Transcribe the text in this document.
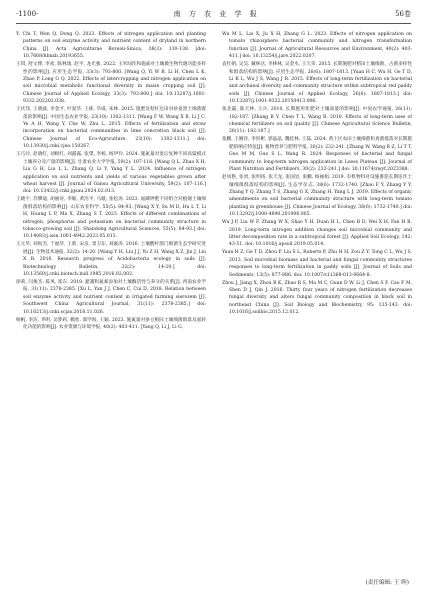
·1100·	南 方 农 业 学 报	56卷

Y, Chi T, Wen Q, Dong Q. 2023. Effects of nitrogen application and planting patterns on soil enzyme activity and nutrient content of dryland in northern China [J]. Acta Agriculturae Boreali-Sinica, 38(3): 130-138. [doi: 10.7668/hbnxb.20193655.

王琪, 舒文博, 李欢, 陈林康, 赵平, 龙光强. 2022. 玉米间作和施氮对土壤微生物代谢功能多样性的影响[J]. 应用生态学报, 33(3): 793-800. [Wang Q, Yi W B, Li H, Chen L K, Zhao P, Long G Q. 2022. Effects of intercropping and nitrogen application on soil microbial metabolic functional diversity in maize cropping soil [J]. Chinese Journal of Applied Ecology, 33(3): 793-800.] doi: 10.13287/j.1001-9332.202202.038.

王伏伟, 王晓波, 李金才, 叶爱华, 王栋, 毕威, 朱林. 2015. 施肥及秸秆还田对砂姜黑土细菌群落的影响[J]. 中国生态农业学报, 23(10): 1302-1311. [Wang F W, Wang X B, Li J C, Ye A H, Wang Y, Che W, Zhu L. 2015. Effects of fertilization and straw incorporation on bacterial communities in lime concretion black soil [J]. Chinese Journal of Eco-Agriculture, 23(10): 1302-1311.] doi: 10.13930/j.cnki.cjea.150267.

王巧玲, 赵晓红, 刘根红, 刘露露, 张璟, 李杨, 杨伊玲. 2024. 施氮量对麦后复种不同高粱模式土壤养分及产量的影响[J]. 甘肃农业大学学报, 59(2): 107-116. [Wang Q L, Zhao X H, Liu G H, Liu L L, Zhang Q, Li Y, Yang Y L. 2024. Influence of nitrogen application on soil nutrients and yields of various vegetables grown after wheat harvest [J]. Journal of Gansu Agricultural University, 59(2): 107-116.] doi: 10.13432/j.cnki.jgsau.2024.02.013.

王晓宇, 苏攀迪, 胡丽涛, 李敏, 黄浩平, 马璇, 张松涛. 2023. 氮磷钾肥不同组合对植烟土壤细菌群落结构的影响[J]. 山东农业科学, 55(5): 84-93. [Wang X Y, Su M D, Hu L T, Li H, Huang L P, Ma X, Zhang S T. 2023. Effects of different combinations of nitrogen, phosphorus and potassium on bacterial community structure in tobacco-growing soil [J]. Shandong Agricultural Sciences, 55(5): 84-93.] doi: 10.14083/j.issn.1001-4942.2023.05.013.

王元华, 刘锐杰, 于福华, 王新, 宋彦, 景卫东, 刘砚涛. 2016. 土壤酸杆菌门细菌生态学研究进展[J]. 生物技术通报, 32(2): 14-20. [Wang Y H, Liu J J, Yu Z H, Wang X Z, Jin J, Liu X B. 2016. Research progress of Acidobacteria ecology in soils [J]. Biotechnology Bulletin, 32(2): 14-20.] doi: 10.13560/j.cnki.biotech.bull.1985.2016.02.002.

徐莉, 闫俊杰, 陈凤, 崔东. 2018. 灌溉和氮素添加对土壤酶活性与养分的关系[J]. 西南农业学报, 31(11): 2378-2385. [Xu L, Yan J J, Chen C, Cui D. 2018. Relation between soil enzyme activity and nutrient content in irrigated farming sierozem [J]. Southwest China Agricultural Journal, 31(11): 2378-2385.] doi: 10.16213/j.cnki.scjas.2018.11.026.

杨帆, 李洁, 李明, 吴梦莉, 赖欣, 邵学海, 王颖. 2023. 施氮量对蚕豆根际土壤细菌群落及氮转化功能的影响[J]. 农业资源与环境学报, 40(2): 403-411. [Yang Q, Li J, Li G,

Wu M L, Lai X, Ju X H, Zhang G L. 2023. Effects of nitrogen application on tomato rhizosphere bacterial community and nitrogen transformation function [J]. Journal of Agricultural Resources and Environment, 40(2): 403-411.] doi: 10.13254/j.jare.2022.0207.

袁红朝, 吴昊, 戴林达, 李林林, 吴金水, 王久荣. 2015. 长期施肥对稻田土壤细菌、古菌多样性和群落结构的影响[J]. 应用生态学报, 26(6): 1807-1813. [Yuan H C, Wu H, Ge T D, Li K L, Wu J S, Wang J R. 2015. Effects of long-term fertilization on bacterial and archaeal diversity and community structure within subtropical red paddy soils [J]. Chinese Journal of Applied Ecology, 26(6): 1807-1813.] doi: 10.13287/j.1001-9332.20150413.006.

张北赢, 陈天林, 王兵. 2010. 长期施用化肥对土壤质量的影响[J]. 中国农学通报, 26(11): 182-187. [Zhang B Y, Chen T L, Wang B. 2010. Effects of long-term uses of chemical fertilizers on soil quality [J]. Chinese Agricultural Science Bulletin, 26(11): 182-187.]

张鹏, 王婉洋, 李彤彬, 郭晶晶, 魏桂林, 王磊. 2024. 黄土区农田土壤细菌和真菌群落对长期施肥的响应特征[J]. 植物营养与肥料学报, 30(2): 232-241. [Zhang W, Wang R Z, Li T T, Guo M M, Guo S L, Wang R. 2024. Responses of bacterial and fungal community to long-term nitrogen application in Loess Plateau [J]. Journal of Plant Nutrition and Fertilizers, 30(2): 232-241.] doi: 10.11674/zwyf.2023388.

赵凤艳, 张勇, 张明扬, 张天龙, 张国显, 张鹏, 杨丽娟. 2019. 有机物料对设施番茄长期连作土壤细菌群落结构的影响[J]. 生态学杂志, 38(6): 1732-1740. [Zhao F Y, Zhang Y Y, Zhang Y Q, Zhang T S, Zhang G X, Zhang H, Yang L J. 2019. Effects of organic amendments on soil bacterial community structure with long-term tomato planting in greenhouse [J]. Chinese Journal of Ecology, 38(6): 1732-1740.] doi: 10.13292/j.1000-4890.201906.005.

Wu J P, Liu W F, Zhang W X, Shao Y H, Duan H L, Chen B D, Wei X H, Fan H B. 2019. Long-term nitrogen addition changes soil microbial community and litter decomposition rate in a subtropical forest [J]. Applied Soil Ecology, 142: 43-51. doi: 10.1016/j.apsoil.2019.05.014.

Yuan H Z, Ge T D, Zhou P, Liu S L, Roberts P, Zhu H H, Zou Z Y, Tong C L, Wu J S. 2013. Soil microbial biomass and bacterial and fungal community structures responses to long-term fertilization in paddy soils [J]. Journal of Soils and Sediments, 13(5): 877-886. doi: 10.1007/s11368-013-0664-8.

Zhou J, Jiang X, Zhou B K, Zhao B S, Ma M C, Guan D W, Li J, Chen S F, Cao F M, Shen D J, Qin J. 2016. Thirty four years of nitrogen fertilization decreases fungal diversity and alters fungal community composition in black soil in northeast China [J]. Soil Biology and Biochemistry, 95: 135-143. doi: 10.1016/j.soilbio.2015.12.012.

(责任编辑: 王 晖)
